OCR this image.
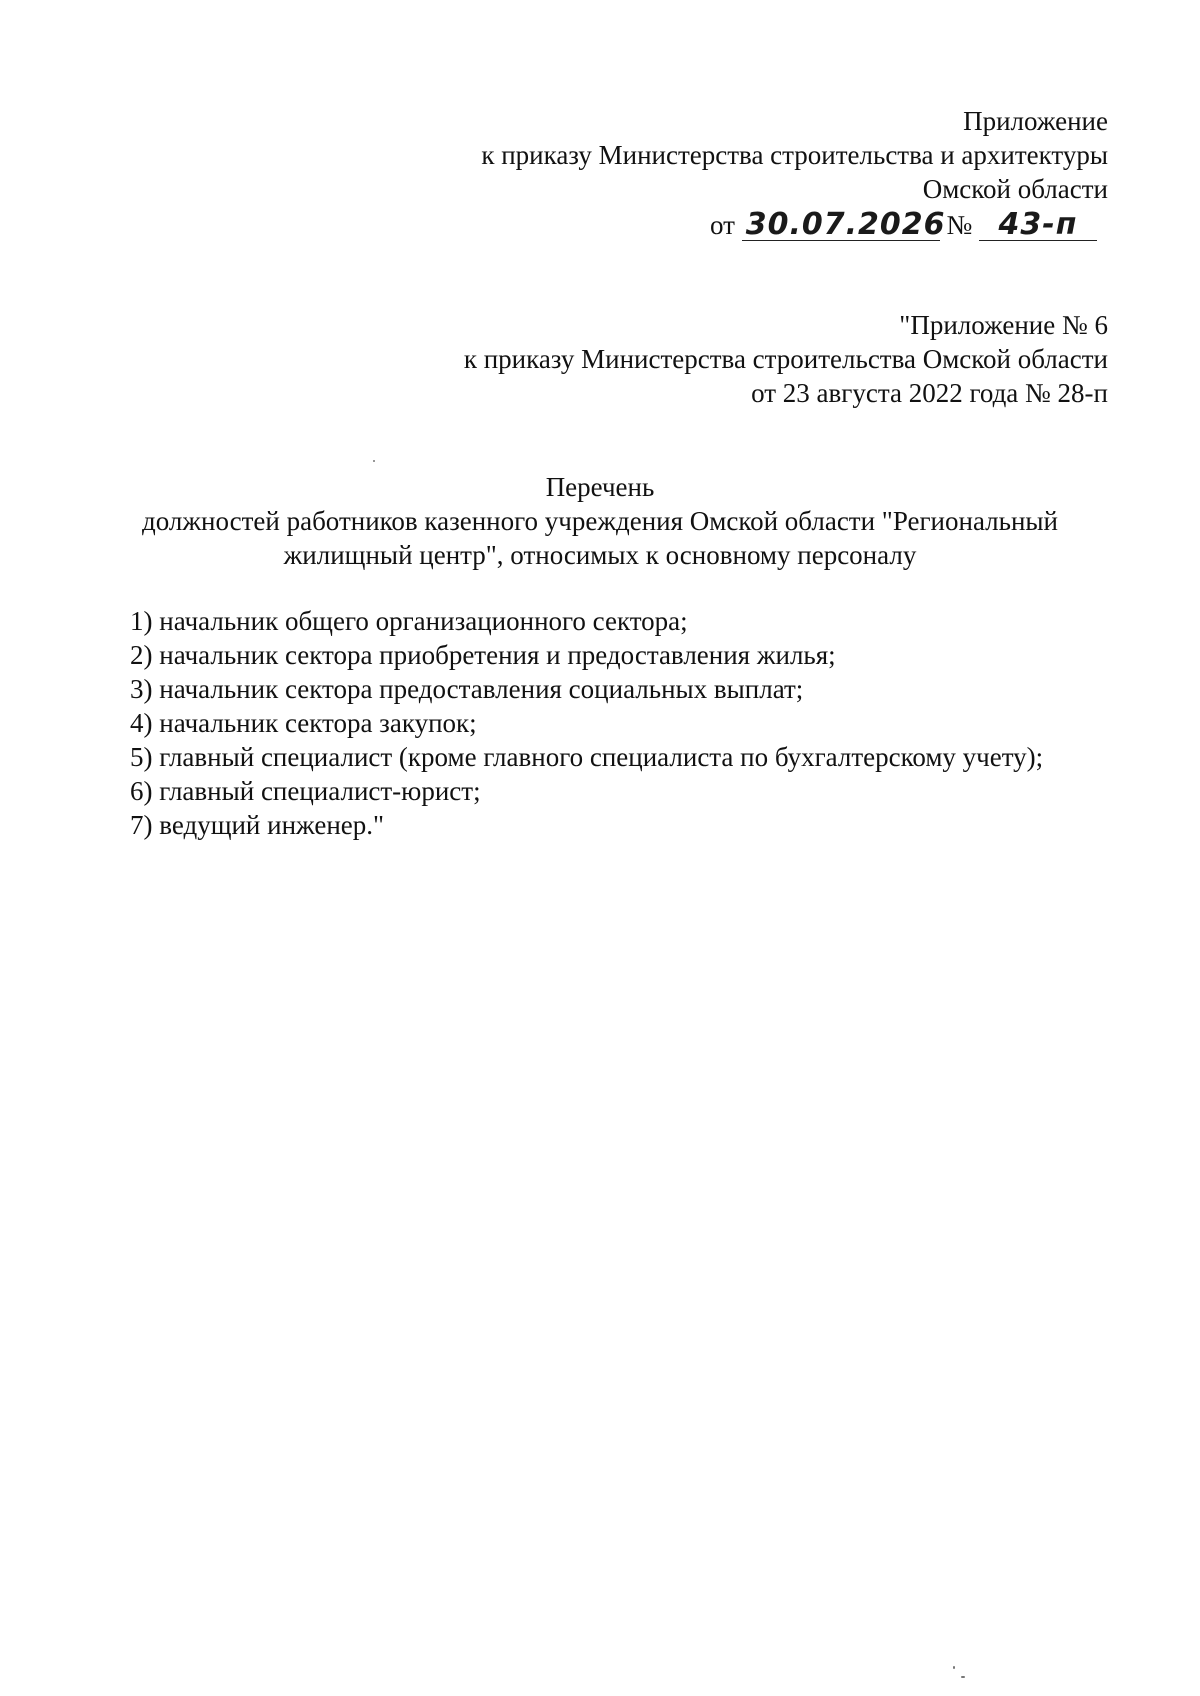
Приложение
к приказу Министерства строительства и архитектуры
Омской области
от 30.07.2026 № 43-п
"Приложение № 6
к приказу Министерства строительства Омской области
от 23 августа 2022 года № 28-п
Перечень
должностей работников казенного учреждения Омской области "Региональный
жилищный центр", относимых к основному персоналу
1) начальник общего организационного сектора;
2) начальник сектора приобретения и предоставления жилья;
3) начальник сектора предоставления социальных выплат;
4) начальник сектора закупок;
5) главный специалист (кроме главного специалиста по бухгалтерскому учету);
6) главный специалист-юрист;
7) ведущий инженер."
